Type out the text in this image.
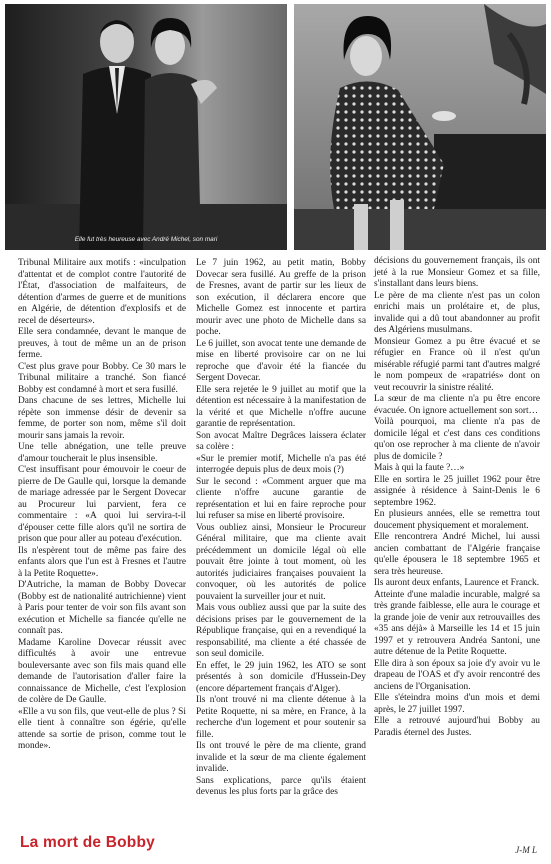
Elle fut très heureuse avec André Michel, son mari

Tribunal Militaire aux motifs : «inculpation d'attentat et de complot contre l'autorité de l'État, d'association de malfaiteurs, de détention d'armes de guerre et de munitions en Algérie, de détention d'explosifs et de recel de déserteurs».

Elle sera condamnée, devant le manque de preuves, à tout de même un an de prison ferme.

C'est plus grave pour Bobby. Ce 30 mars le Tribunal militaire a tranché. Son fiancé Bobby est condamné à mort et sera fusillé.

Dans chacune de ses lettres, Michelle lui répète son immense désir de devenir sa femme, de porter son nom, même s'il doit mourir sans jamais la revoir.

Une telle abnégation, une telle preuve d'amour toucherait le plus insensible.

C'est insuffisant pour émouvoir le coeur de pierre de De Gaulle qui, lorsque la demande de mariage adressée par le Sergent Dovecar au Procureur lui parvient, fera ce commentaire : «A quoi lui servira-t-il d'épouser cette fille alors qu'il ne sortira de prison que pour aller au poteau d'exécution.

Ils n'espèrent tout de même pas faire des enfants alors que l'un est à Fresnes et l'autre à la Petite Roquette».

D'Autriche, la maman de Bobby Dovecar (Bobby est de nationalité autrichienne) vient à Paris pour tenter de voir son fils avant son exécution et Michelle sa fiancée qu'elle ne connaît pas.

Madame Karoline Dovecar réussit avec difficultés à avoir une entrevue bouleversante avec son fils mais quand elle demande de l'autorisation d'aller faire la connaissance de Michelle, c'est l'explosion de colère de De Gaulle.

«Elle a vu son fils, que veut-elle de plus ? Si elle tient à connaître son égérie, qu'elle attende sa sortie de prison, comme tout le monde».

Le 7 juin 1962, au petit matin, Bobby Dovecar sera fusillé. Au greffe de la prison de Fresnes, avant de partir sur les lieux de son exécution, il déclarera encore que Michelle Gomez est innocente et partira mourir avec une photo de Michelle dans sa poche.

Le 6 juillet, son avocat tente une demande de mise en liberté provisoire car on ne lui reproche que d'avoir été la fiancée du Sergent Dovecar.

Elle sera rejetée le 9 juillet au motif que la détention est nécessaire à la manifestation de la vérité et que Michelle n'offre aucune garantie de représentation.

Son avocat Maître Degrâces laissera éclater sa colère :

«Sur le premier motif, Michelle n'a pas été interrogée depuis plus de deux mois (?)

Sur le second : «Comment arguer que ma cliente n'offre aucune garantie de représentation et lui en faire reproche pour lui refuser sa mise en liberté provisoire.

Vous oubliez ainsi, Monsieur le Procureur Général militaire, que ma cliente avait précédemment un domicile légal où elle pouvait être jointe à tout moment, où les autorités judiciaires françaises pouvaient la convoquer, où les autorités de police pouvaient la surveiller jour et nuit.

Mais vous oubliez aussi que par la suite des décisions prises par le gouvernement de la République française, qui en a revendiqué la responsabilité, ma cliente a été chassée de son seul domicile.

En effet, le 29 juin 1962, les ATO se sont présentés à son domicile d'Hussein-Dey (encore département français d'Alger).

Ils n'ont trouvé ni ma cliente détenue à la Petite Roquette, ni sa mère, en France, à la recherche d'un logement et pour soutenir sa fille.

Ils ont trouvé le père de ma cliente, grand invalide et la sœur de ma cliente également invalide.

Sans explications, parce qu'ils étaient devenus les plus forts par la grâce des

décisions du gouvernement français, ils ont jeté à la rue Monsieur Gomez et sa fille, s'installant dans leurs biens.

Le père de ma cliente n'est pas un colon enrichi mais un prolétaire et, de plus, invalide qui a dû tout abandonner au profit des Algériens musulmans.

Monsieur Gomez a pu être évacué et se réfugier en France où il n'est qu'un misérable réfugié parmi tant d'autres malgré le nom pompeux de «rapatriés» dont on veut recouvrir la sinistre réalité.

La sœur de ma cliente n'a pu être encore évacuée. On ignore actuellement son sort…

Voilà pourquoi, ma cliente n'a pas de domicile légal et c'est dans ces conditions qu'on ose reprocher à ma cliente de n'avoir plus de domicile ?

Mais à qui la faute ?…»

Elle en sortira le 25 juillet 1962 pour être assignée à résidence à Saint-Denis le 6 septembre 1962.

En plusieurs années, elle se remettra tout doucement physiquement et moralement.

Elle rencontrera André Michel, lui aussi ancien combattant de l'Algérie française qu'elle épousera le 18 septembre 1965 et sera très heureuse.

Ils auront deux enfants, Laurence et Franck.

Atteinte d'une maladie incurable, malgré sa très grande faiblesse, elle aura le courage et la grande joie de venir aux retrouvailles des «35 ans déjà» à Marseille les 14 et 15 juin 1997 et y retrouvera Andréa Santoni, une autre détenue de la Petite Roquette.

Elle dira à son époux sa joie d'y avoir vu le drapeau de l'OAS et d'y avoir rencontré des anciens de l'Organisation.

Elle s'éteindra moins d'un mois et demi après, le 27 juillet 1997.

Elle a retrouvé aujourd'hui Bobby au Paradis éternel des Justes.

La mort de Bobby	J-M L
